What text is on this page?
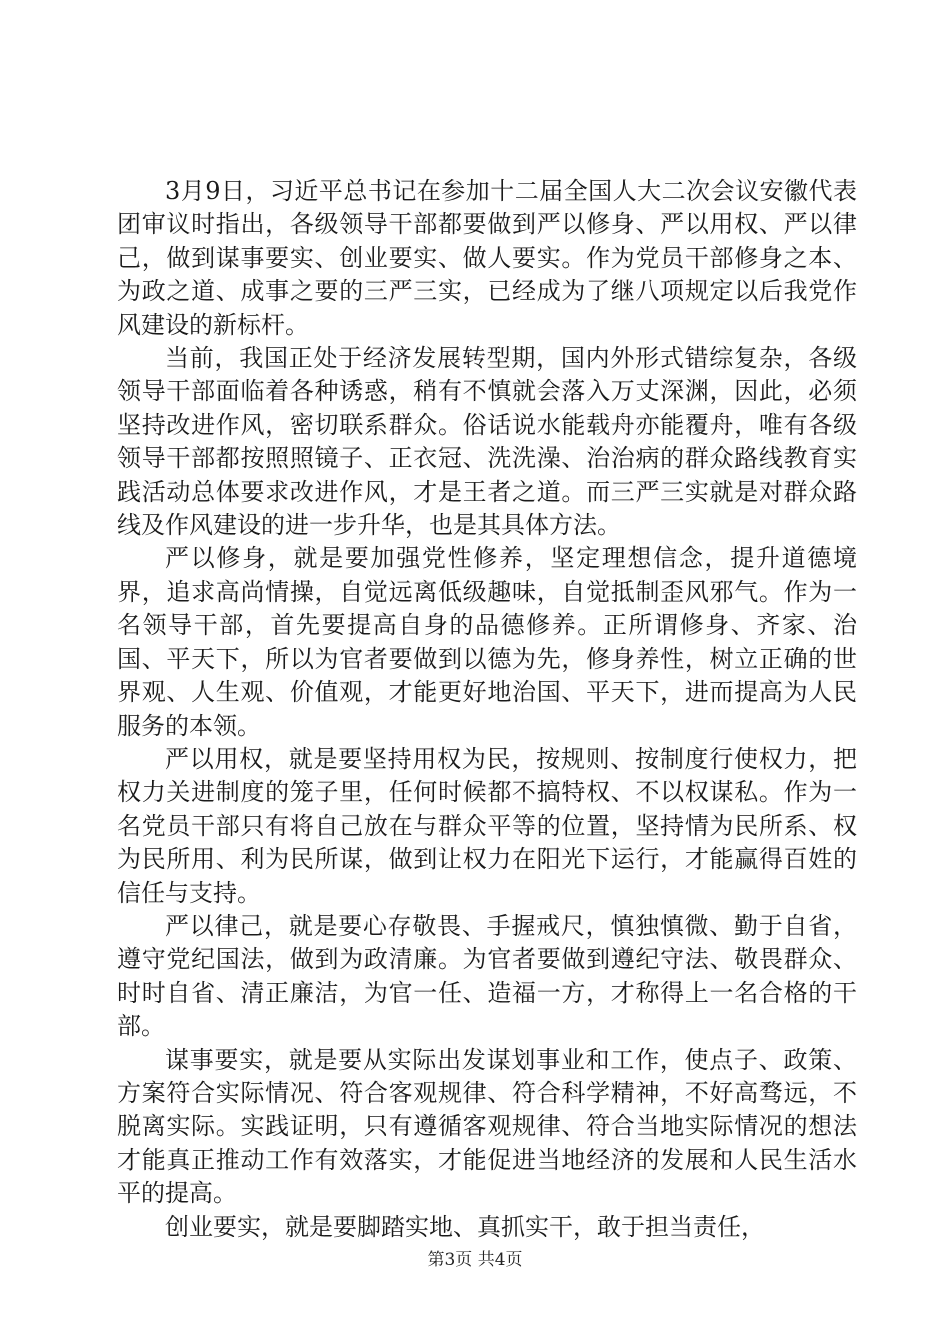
3月9日，习近平总书记在参加十二届全国人大二次会议安徽代表团审议时指出，各级领导干部都要做到严以修身、严以用权、严以律己，做到谋事要实、创业要实、做人要实。作为党员干部修身之本、为政之道、成事之要的三严三实，已经成为了继八项规定以后我党作风建设的新标杆。

当前，我国正处于经济发展转型期，国内外形式错综复杂，各级领导干部面临着各种诱惑，稍有不慎就会落入万丈深渊，因此，必须坚持改进作风，密切联系群众。俗话说水能载舟亦能覆舟，唯有各级领导干部都按照照镜子、正衣冠、洗洗澡、治治病的群众路线教育实践活动总体要求改进作风，才是王者之道。而三严三实就是对群众路线及作风建设的进一步升华，也是其具体方法。

严以修身，就是要加强党性修养，坚定理想信念，提升道德境界，追求高尚情操，自觉远离低级趣味，自觉抵制歪风邪气。作为一名领导干部，首先要提高自身的品德修养。正所谓修身、齐家、治国、平天下，所以为官者要做到以德为先，修身养性，树立正确的世界观、人生观、价值观，才能更好地治国、平天下，进而提高为人民服务的本领。

严以用权，就是要坚持用权为民，按规则、按制度行使权力，把权力关进制度的笼子里，任何时候都不搞特权、不以权谋私。作为一名党员干部只有将自己放在与群众平等的位置，坚持情为民所系、权为民所用、利为民所谋，做到让权力在阳光下运行，才能赢得百姓的信任与支持。

严以律己，就是要心存敬畏、手握戒尺，慎独慎微、勤于自省，遵守党纪国法，做到为政清廉。为官者要做到遵纪守法、敬畏群众、时时自省、清正廉洁，为官一任、造福一方，才称得上一名合格的干部。

谋事要实，就是要从实际出发谋划事业和工作，使点子、政策、方案符合实际情况、符合客观规律、符合科学精神，不好高骛远，不脱离实际。实践证明，只有遵循客观规律、符合当地实际情况的想法才能真正推动工作有效落实，才能促进当地经济的发展和人民生活水平的提高。

创业要实，就是要脚踏实地、真抓实干，敢于担当责任，

第3页 共4页
